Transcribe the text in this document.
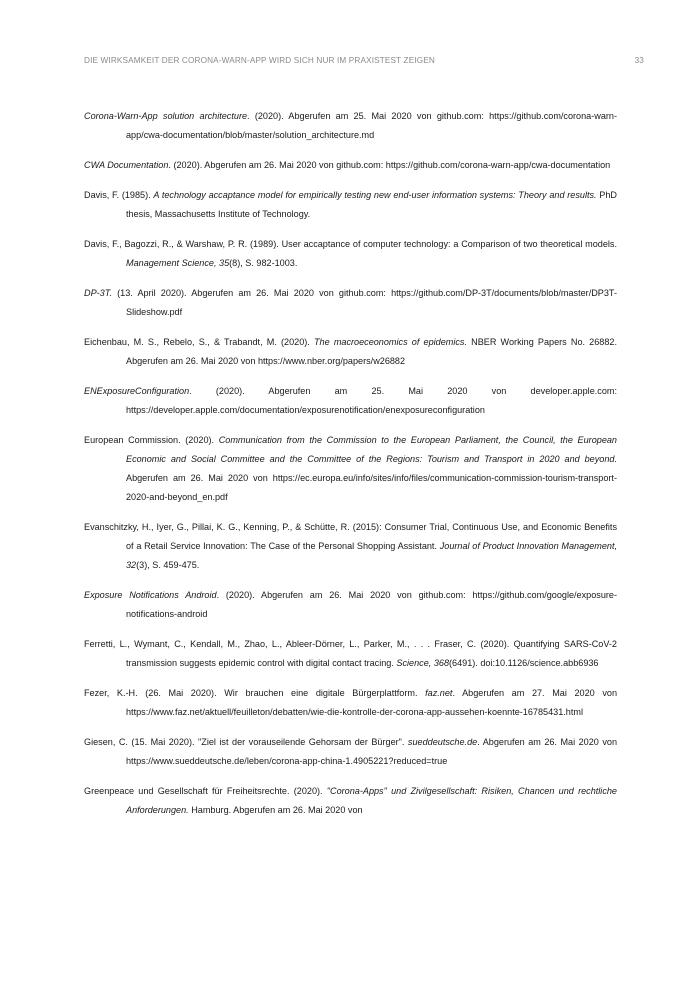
DIE WIRKSAMKEIT DER CORONA-WARN-APP WIRD SICH NUR IM PRAXISTEST ZEIGEN	33
Corona-Warn-App solution architecture. (2020). Abgerufen am 25. Mai 2020 von github.com: https://github.com/corona-warn-app/cwa-documentation/blob/master/solution_architecture.md
CWA Documentation. (2020). Abgerufen am 26. Mai 2020 von github.com: https://github.com/corona-warn-app/cwa-documentation
Davis, F. (1985). A technology accaptance model for empirically testing new end-user information systems: Theory and results. PhD thesis, Massachusetts Institute of Technology.
Davis, F., Bagozzi, R., & Warshaw, P. R. (1989). User accaptance of computer technology: a Comparison of two theoretical models. Management Science, 35(8), S. 982-1003.
DP-3T. (13. April 2020). Abgerufen am 26. Mai 2020 von github.com: https://github.com/DP-3T/documents/blob/master/DP3T-Slideshow.pdf
Eichenbau, M. S., Rebelo, S., & Trabandt, M. (2020). The macroeceonomics of epidemics. NBER Working Papers No. 26882. Abgerufen am 26. Mai 2020 von https://www.nber.org/papers/w26882
ENExposureConfiguration. (2020). Abgerufen am 25. Mai 2020 von developer.apple.com: https://developer.apple.com/documentation/exposurenotification/enexposureconfiguration
European Commission. (2020). Communication from the Commission to the European Parliament, the Council, the European Economic and Social Committee and the Committee of the Regions: Tourism and Transport in 2020 and beyond. Abgerufen am 26. Mai 2020 von https://ec.europa.eu/info/sites/info/files/communication-commission-tourism-transport-2020-and-beyond_en.pdf
Evanschitzky, H., Iyer, G., Pillai, K. G., Kenning, P., & Schütte, R. (2015): Consumer Trial, Continuous Use, and Economic Benefits of a Retail Service Innovation: The Case of the Personal Shopping Assistant. Journal of Product Innovation Management, 32(3), S. 459-475.
Exposure Notifications Android. (2020). Abgerufen am 26. Mai 2020 von github.com: https://github.com/google/exposure-notifications-android
Ferretti, L., Wymant, C., Kendall, M., Zhao, L., Ableer-Dörner, L., Parker, M., . . . Fraser, C. (2020). Quantifying SARS-CoV-2 transmission suggests epidemic control with digital contact tracing. Science, 368(6491). doi:10.1126/science.abb6936
Fezer, K.-H. (26. Mai 2020). Wir brauchen eine digitale Bürgerplattform. faz.net. Abgerufen am 27. Mai 2020 von https://www.faz.net/aktuell/feuilleton/debatten/wie-die-kontrolle-der-corona-app-aussehen-koennte-16785431.html
Giesen, C. (15. Mai 2020). "Ziel ist der vorauseilende Gehorsam der Bürger". sueddeutsche.de. Abgerufen am 26. Mai 2020 von https://www.sueddeutsche.de/leben/corona-app-china-1.4905221?reduced=true
Greenpeace und Gesellschaft für Freiheitsrechte. (2020). "Corona-Apps" und Zivilgesellschaft: Risiken, Chancen und rechtliche Anforderungen. Hamburg. Abgerufen am 26. Mai 2020 von
